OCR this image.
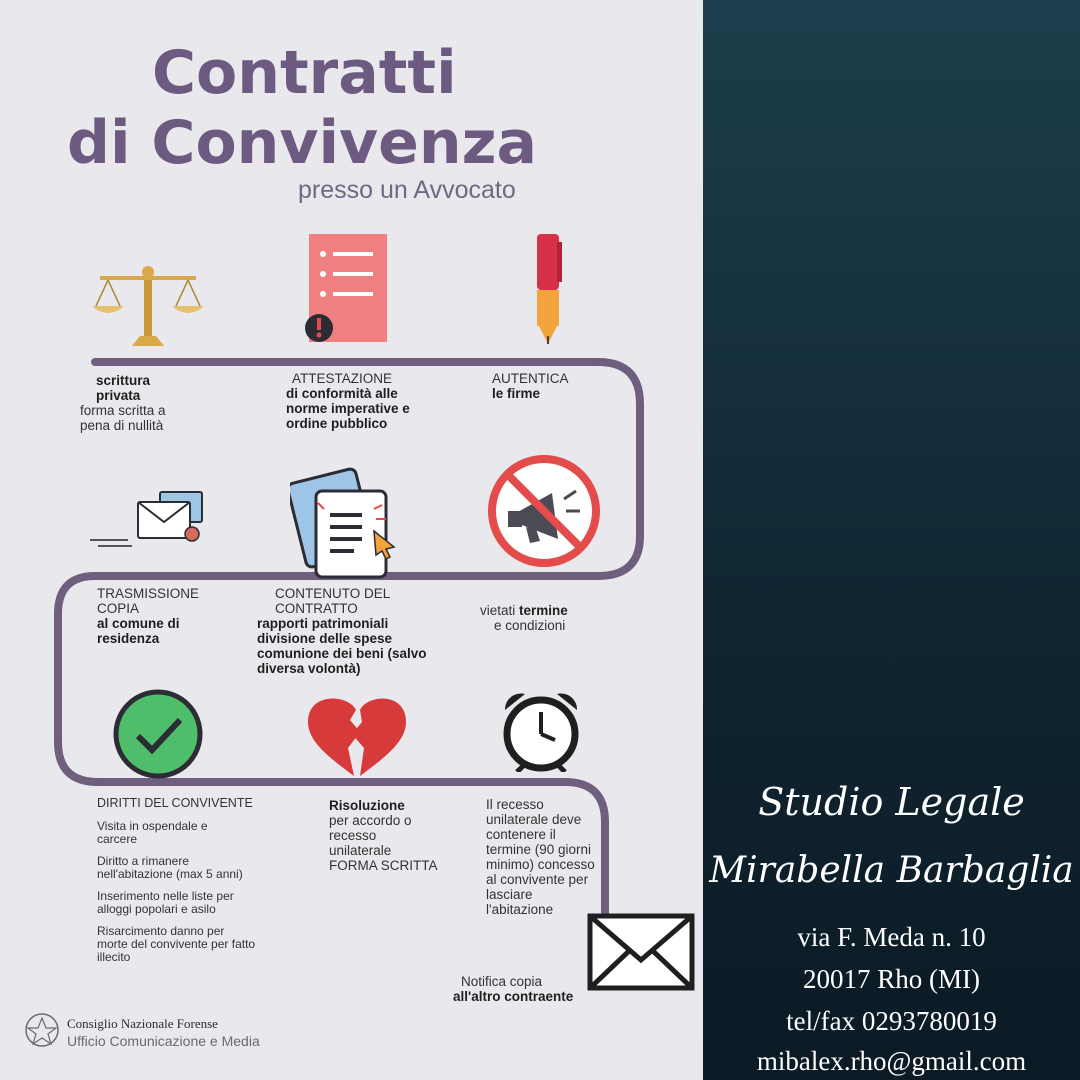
Contratti
di Convivenza
presso un Avvocato
scrittura privata
forma scritta a pena di nullità
ATTESTAZIONE
di conformità alle norme imperative e ordine pubblico
AUTENTICA
le firme
TRASMISSIONE COPIA
al comune di residenza
CONTENUTO DEL CONTRATTO
rapporti patrimoniali divisione delle spese comunione dei beni (salvo diversa volontà)
vietati termine
e condizioni
DIRITTI DEL CONVIVENTE
Visita in ospendale e carcere
Diritto a rimanere nell'abitazione (max 5 anni)
Inserimento nelle liste per alloggi popolari e asilo
Risarcimento danno per morte del convivente per fatto illecito
Risoluzione
per accordo o recesso unilaterale FORMA SCRITTA
Il recesso unilaterale deve contenere il termine (90 giorni minimo) concesso al convivente per lasciare l'abitazione
Notifica copia
all'altro contraente
Consiglio Nazionale Forense
Ufficio Comunicazione e Media
Studio Legale
Mirabella Barbaglia
via F. Meda n. 10
20017 Rho (MI)
tel/fax 0293780019
mibalex.rho@gmail.com
